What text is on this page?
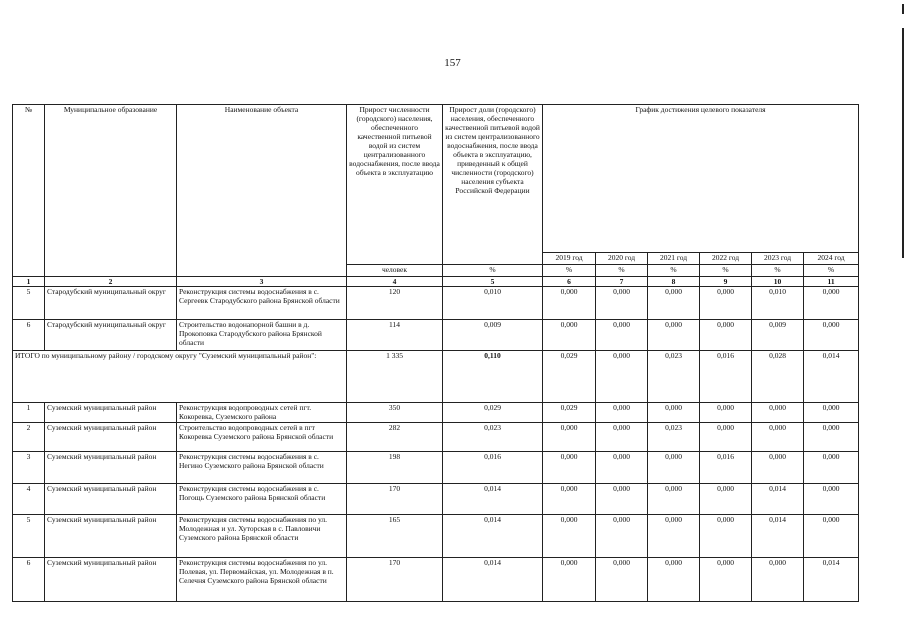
157
№	Муниципальное образование	Наименование объекта	Прирост численности (городского) населения, обеспеченного качественной питьевой водой из систем централизованного водоснабжения, после ввода объекта в эксплуатацию	Прирост доли (городского) населения, обеспеченного качественной питьевой водой из систем централизованного водоснабжения, после ввода объекта в эксплуатацию, приведенный к общей численности (городского) населения субъекта Российской Федерации	График достижения целевого показателя					
					2019 год	2020 год	2021 год	2022 год	2023 год	2024 год
			человек	%	%	%	%	%	%	%
1	2	3	4	5	6	7	8	9	10	11
5	Стародубский муниципальный округ	Реконструкция системы водоснабжения в с. Сергеевк Стародубского района Брянской области	120	0,010	0,000	0,000	0,000	0,000	0,010	0,000
6	Стародубский муниципальный округ	Строительство водонапорной башни в д. Прокоповка Стародубского района Брянской области	114	0,009	0,000	0,000	0,000	0,000	0,009	0,000
ИТОГО по муниципальному району / городскому округу "Суземский муниципальный район":			1 335	0,110	0,029	0,000	0,023	0,016	0,028	0,014
1	Суземский муниципальный район	Реконструкция водопроводных сетей пгт. Кокоревка, Суземского района	350	0,029	0,029	0,000	0,000	0,000	0,000	0,000
2	Суземский муниципальный район	Строительство водопроводных сетей в пгт Кокоревка Суземского района Брянской области	282	0,023	0,000	0,000	0,023	0,000	0,000	0,000
3	Суземский муниципальный район	Реконструкция системы водоснабжения в с. Негино Суземского района Брянской области	198	0,016	0,000	0,000	0,000	0,016	0,000	0,000
4	Суземский муниципальный район	Реконструкция системы водоснабжения в с. Погощь Суземского района Брянской области	170	0,014	0,000	0,000	0,000	0,000	0,014	0,000
5	Суземский муниципальный район	Реконструкция системы водоснабжения по ул. Молодежная и ул. Хуторская в с. Павловичи Суземского района Брянской области	165	0,014	0,000	0,000	0,000	0,000	0,014	0,000
6	Суземский муниципальный район	Реконструкция системы водоснабжения по ул. Полевая, ул. Первомайская, ул. Молодежная в п. Селечня Суземского района Брянской области	170	0,014	0,000	0,000	0,000	0,000	0,000	0,014
